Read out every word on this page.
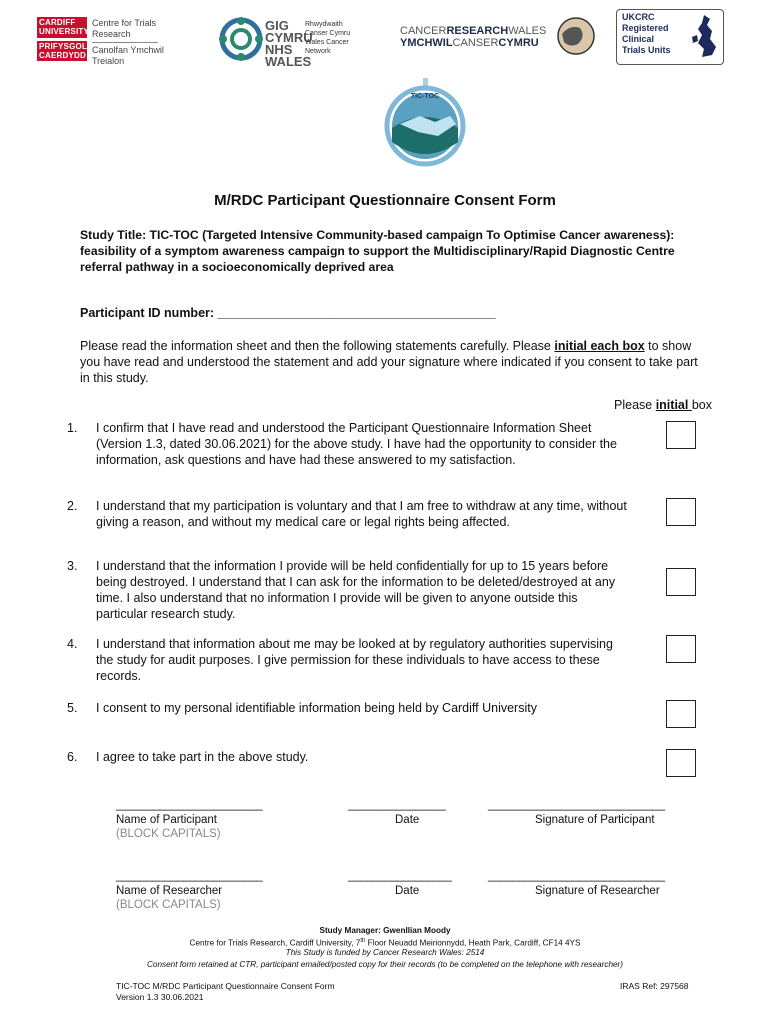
CARDIFF UNIVERSITY
PRIFYSGOL CAERDYDD
Centre for Trials Research
Canolfan Ymchwil Treialon
GIG CYMRU NHS WALES
Rhwydwaith Canser Cymru Wales Cancer Network
CANCERRESEARCHWALES
YMCHWILCANSERCYMRU
UKCRC
Registered
Clinical
Trials Units
TIC-TOC
M/RDC Participant Questionnaire Consent Form
Study Title: TIC-TOC (Targeted Intensive Community-based campaign To Optimise Cancer awareness): feasibility of a symptom awareness campaign to support the Multidisciplinary/Rapid Diagnostic Centre referral pathway in a socioeconomically deprived area
Participant ID number: ________________________________________
Please read the information sheet and then the following statements carefully. Please initial each box to show you have read and understood the statement and add your signature where indicated if you consent to take part in this study.
Please initial box
1.	I confirm that I have read and understood the Participant Questionnaire Information Sheet (Version 1.3, dated 30.06.2021) for the above study. I have had the opportunity to consider the information, ask questions and have had these answered to my satisfaction.
2.	I understand that my participation is voluntary and that I am free to withdraw at any time, without giving a reason, and without my medical care or legal rights being affected.
3.	I understand that the information I provide will be held confidentially for up to 15 years before being destroyed. I understand that I can ask for the information to be deleted/destroyed at any time. I also understand that no information I provide will be given to anyone outside this particular research study.
4.	I understand that information about me may be looked at by regulatory authorities supervising the study for audit purposes. I give permission for these individuals to have access to these records.
5.	I consent to my personal identifiable information being held by Cardiff University
6.	I agree to take part in the above study.
________________________	________________	_____________________________
Name of Participant
(BLOCK CAPITALS)
Date	Signature of Participant
________________________	_________________	_____________________________
Name of Researcher
(BLOCK CAPITALS)
Date	Signature of Researcher
Study Manager: Gwenllian Moody
Centre for Trials Research, Cardiff University, 7th Floor Neuadd Meirionnydd, Heath Park, Cardiff, CF14 4YS
This Study is funded by Cancer Research Wales: 2514
Consent form retained at CTR, participant emailed/posted copy for their records (to be completed on the telephone with researcher)
TIC-TOC M/RDC Participant Questionnaire Consent Form
Version 1.3 30.06.2021
IRAS Ref: 297568
